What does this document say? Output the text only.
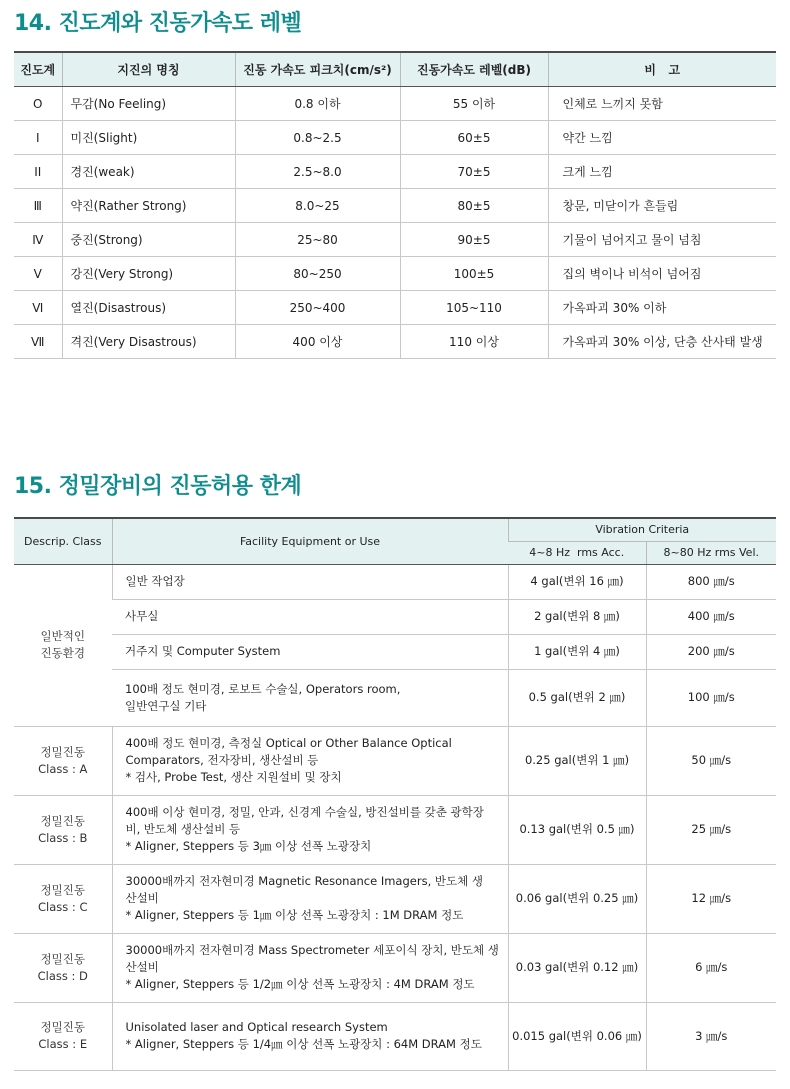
14. 진도계와 진동가속도 레벨
진도계	지진의 명칭	진동 가속도 피크치(cm/s²)	진동가속도 레벨(dB)	비   고
O	무감(No Feeling)	0.8 이하	55 이하	인체로 느끼지 못함
I	미진(Slight)	0.8~2.5	60±5	약간 느낌
II	경진(weak)	2.5~8.0	70±5	크게 느낌
Ⅲ	약진(Rather Strong)	8.0~25	80±5	창문, 미닫이가 흔들림
Ⅳ	중진(Strong)	25~80	90±5	기물이 넘어지고 물이 넘침
Ⅴ	강진(Very Strong)	80~250	100±5	집의 벽이나 비석이 넘어짐
Ⅵ	열진(Disastrous)	250~400	105~110	가옥파괴 30% 이하
Ⅶ	격진(Very Disastrous)	400 이상	110 이상	가옥파괴 30% 이상, 단층 산사태 발생
15. 정밀장비의 진동허용 한계
Descrip. Class	Facility Equipment or Use	Vibration Criteria	
		4~8 Hz  rms Acc.	8~80 Hz rms Vel.
일반적인
진동환경	일반 작업장	4 gal(변위 16 ㎛)	800 ㎛/s

	사무실	2 gal(변위 8 ㎛)	400 ㎛/s

	거주지 및 Computer System	1 gal(변위 4 ㎛)	200 ㎛/s

	100배 정도 현미경, 로보트 수술실, Operators room,
일반연구실 기타	0.5 gal(변위 2 ㎛)	100 ㎛/s

정밀진동
Class : A	400배 정도 현미경, 측정실 Optical or Other Balance Optical
Comparators, 전자장비, 생산설비 등
* 검사, Probe Test, 생산 지원설비 및 장치	0.25 gal(변위 1 ㎛)	50 ㎛/s

정밀진동
Class : B	400배 이상 현미경, 정밀, 안과, 신경계 수술실, 방진설비를 갖춘 광학장
비, 반도체 생산설비 등
* Aligner, Steppers 등 3㎛ 이상 선폭 노광장치	0.13 gal(변위 0.5 ㎛)	25 ㎛/s

정밀진동
Class : C	30000배까지 전자현미경 Magnetic Resonance Imagers, 반도체 생
산설비
* Aligner, Steppers 등 1㎛ 이상 선폭 노광장치 : 1M DRAM 정도	0.06 gal(변위 0.25 ㎛)	12 ㎛/s

정밀진동
Class : D	30000배까지 전자현미경 Mass Spectrometer 세포이식 장치, 반도체 생
산설비
* Aligner, Steppers 등 1/2㎛ 이상 선폭 노광장치 : 4M DRAM 정도	0.03 gal(변위 0.12 ㎛)	6 ㎛/s

정밀진동
Class : E	Unisolated laser and Optical research System
* Aligner, Steppers 등 1/4㎛ 이상 선폭 노광장치 : 64M DRAM 정도	0.015 gal(변위 0.06 ㎛)	3 ㎛/s
